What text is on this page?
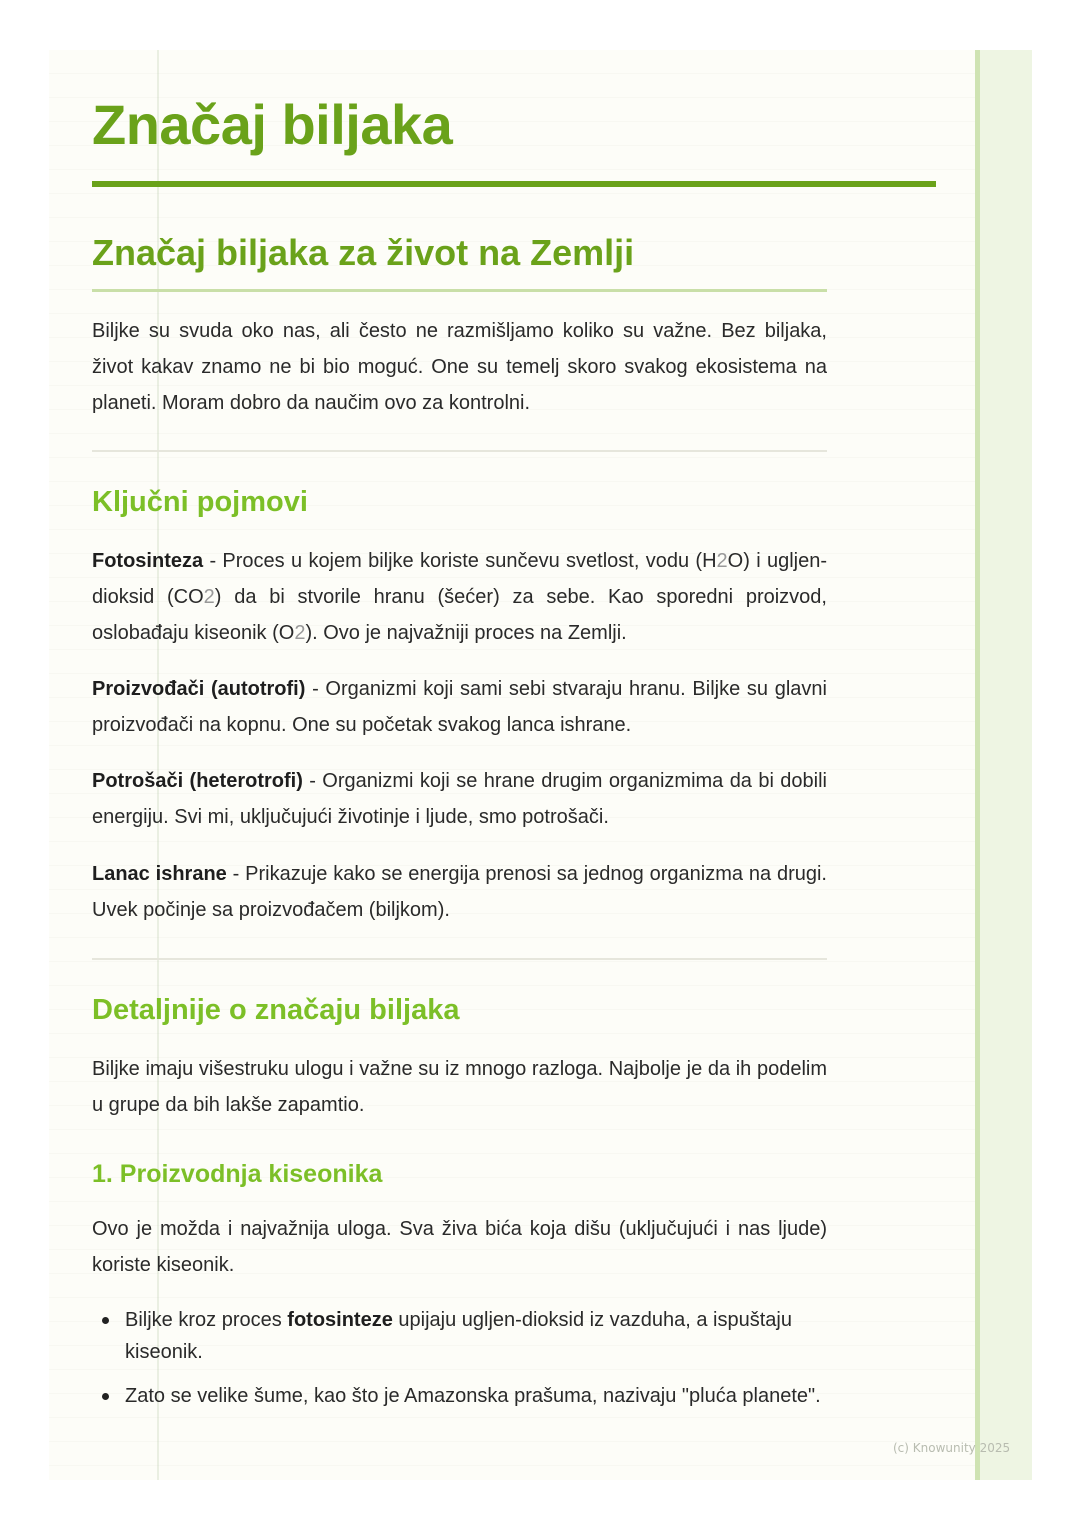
Značaj biljaka
Značaj biljaka za život na Zemlji

Biljke su svuda oko nas, ali često ne razmišljamo koliko su važne. Bez biljaka, život kakav znamo ne bi bio moguć. One su temelj skoro svakog ekosistema na planeti. Moram dobro da naučim ovo za kontrolni.

Ključni pojmovi

Fotosinteza - Proces u kojem biljke koriste sunčevu svetlost, vodu (H2O) i ugljen-dioksid (CO2) da bi stvorile hranu (šećer) za sebe. Kao sporedni proizvod, oslobađaju kiseonik (O2). Ovo je najvažniji proces na Zemlji.

Proizvođači (autotrofi) - Organizmi koji sami sebi stvaraju hranu. Biljke su glavni proizvođači na kopnu. One su početak svakog lanca ishrane.

Potrošači (heterotrofi) - Organizmi koji se hrane drugim organizmima da bi dobili energiju. Svi mi, uključujući životinje i ljude, smo potrošači.

Lanac ishrane - Prikazuje kako se energija prenosi sa jednog organizma na drugi. Uvek počinje sa proizvođačem (biljkom).

Detaljnije o značaju biljaka

Biljke imaju višestruku ulogu i važne su iz mnogo razloga. Najbolje je da ih podelim u grupe da bih lakše zapamtio.

1. Proizvodnja kiseonika

Ovo je možda i najvažnija uloga. Sva živa bića koja dišu (uključujući i nas ljude) koriste kiseonik.

Biljke kroz proces fotosinteze upijaju ugljen-dioksid iz vazduha, a ispuštaju kiseonik.
Zato se velike šume, kao što je Amazonska prašuma, nazivaju "pluća planete".
(c) Knowunity 2025
